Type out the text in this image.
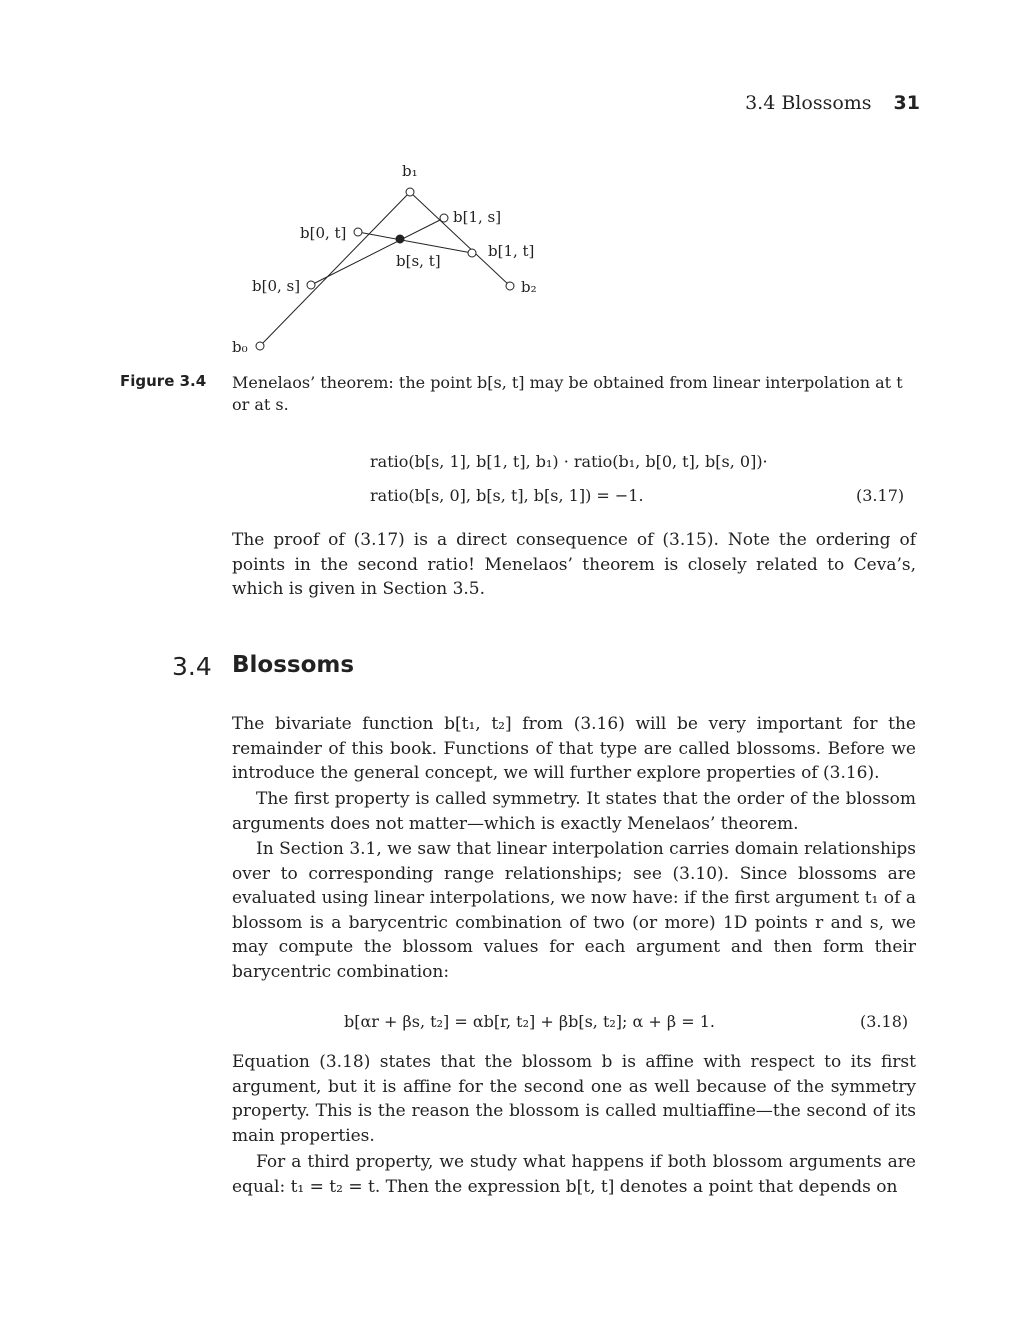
3.4 Blossoms 31
b₁
b[1, s]
b[0, t]
b[1, t]
b[s, t]
b[0, s]	b₂
b₀
Figure 3.4 Menelaos’ theorem: the point b[s, t] may be obtained from linear interpolation at t or at s.
ratio(b[s, 1], b[1, t], b₁) · ratio(b₁, b[0, t], b[s, 0])·
ratio(b[s, 0], b[s, t], b[s, 1]) = −1.	(3.17)
The proof of (3.17) is a direct consequence of (3.15). Note the ordering of points in the second ratio! Menelaos’ theorem is closely related to Ceva’s, which is given in Section 3.5.
3.4 Blossoms
The bivariate function b[t₁, t₂] from (3.16) will be very important for the remainder of this book. Functions of that type are called blossoms. Before we introduce the general concept, we will further explore properties of (3.16).
The first property is called symmetry. It states that the order of the blossom arguments does not matter—which is exactly Menelaos’ theorem.
In Section 3.1, we saw that linear interpolation carries domain relationships over to corresponding range relationships; see (3.10). Since blossoms are evaluated using linear interpolations, we now have: if the first argument t₁ of a blossom is a barycentric combination of two (or more) 1D points r and s, we may compute the blossom values for each argument and then form their barycentric combination:
b[αr + βs, t₂] = αb[r, t₂] + βb[s, t₂]; α + β = 1.	(3.18)
Equation (3.18) states that the blossom b is affine with respect to its first argument, but it is affine for the second one as well because of the symmetry property. This is the reason the blossom is called multiaffine—the second of its main properties.
For a third property, we study what happens if both blossom arguments are equal: t₁ = t₂ = t. Then the expression b[t, t] denotes a point that depends on
